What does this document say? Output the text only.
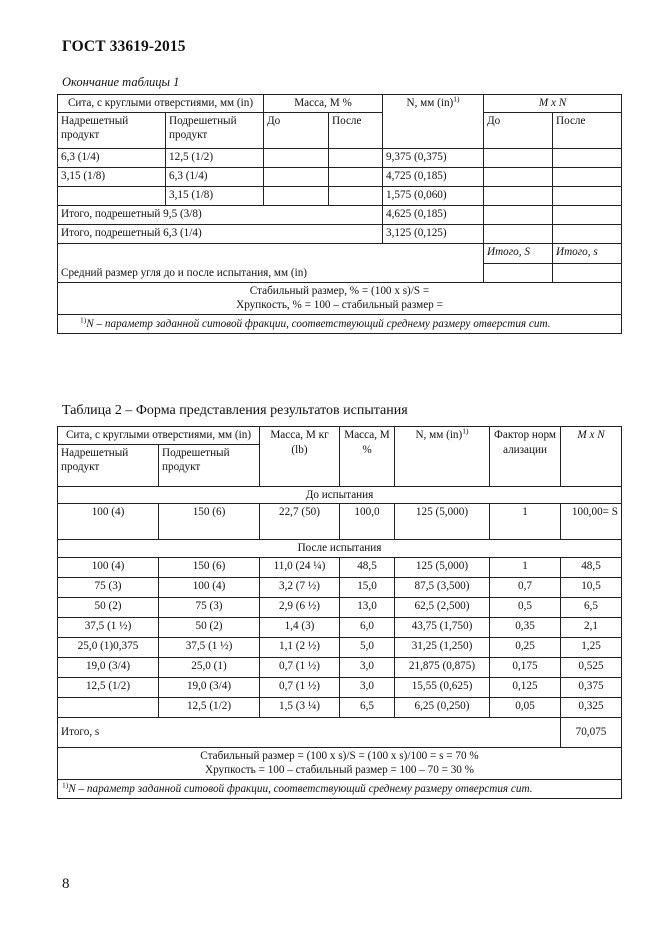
ГОСТ 33619-2015
Окончание таблицы 1
Сита, с круглыми отверстиями, мм (in)		Масса, M %		N, мм (in)$^{1)}$	M x N	
Надрешетный продукт	Подрешетный продукт	До	После		До	После
6,3 (1/4)	12,5 (1/2)			9,375 (0,375)		
3,15 (1/8)	6,3 (1/4)			4,725 (0,185)		
	3,15 (1/8)			1,575 (0,060)		
Итого, подрешетный 9,5 (3/8)				4,625 (0,185)		
Итого, подрешетный 6,3 (1/4)				3,125 (0,125)		
Средний размер угля до и после испытания, мм (in)					Итого, S	Итого, s

Стабильный размер, % = (100 x s)/S =
Хрупкость, % = 100 – стабильный размер =						

$^{1)}$N – параметр заданной ситовой фракции, соответствующий среднему размеру отверстия сит.						
Таблица 2 – Форма представления результатов испытания
Сита, с круглыми отверстиями, мм (in)		Масса, M кг (lb)	Масса, M %	N, мм (in)$^{1)}$	Фактор нормализации	M x N
Надрешетный продукт	Подрешетный продукт					
До испытания						
100 (4)	150 (6)	22,7 (50)	100,0	125 (5,000)	1	100,00= S
После испытания						
100 (4)	150 (6)	11,0 (24 ¼)	48,5	125 (5,000)	1	48,5
75 (3)	100 (4)	3,2 (7 ½)	15,0	87,5 (3,500)	0,7	10,5
50 (2)	75 (3)	2,9 (6 ½)	13,0	62,5 (2,500)	0,5	6,5
37,5 (1 ½)	50 (2)	1,4 (3)	6,0	43,75 (1,750)	0,35	2,1
25,0 (1)0,375	37,5 (1 ½)	1,1 (2 ½)	5,0	31,25 (1,250)	0,25	1,25
19,0 (3/4)	25,0 (1)	0,7 (1 ½)	3,0	21,875 (0,875)	0,175	0,525
12,5 (1/2)	19,0 (3/4)	0,7 (1 ½)	3,0	15,55 (0,625)	0,125	0,375
	12,5 (1/2)	1,5 (3 ¼)	6,5	6,25 (0,250)	0,05	0,325
Итого, s						70,075

Стабильный размер = (100 x s)/S = (100 x s)/100 = s = 70 %
Хрупкость = 100 – стабильный размер = 100 – 70 = 30 %						

$^{1)}$N – параметр заданной ситовой фракции, соответствующий среднему размеру отверстия сит.						
8
